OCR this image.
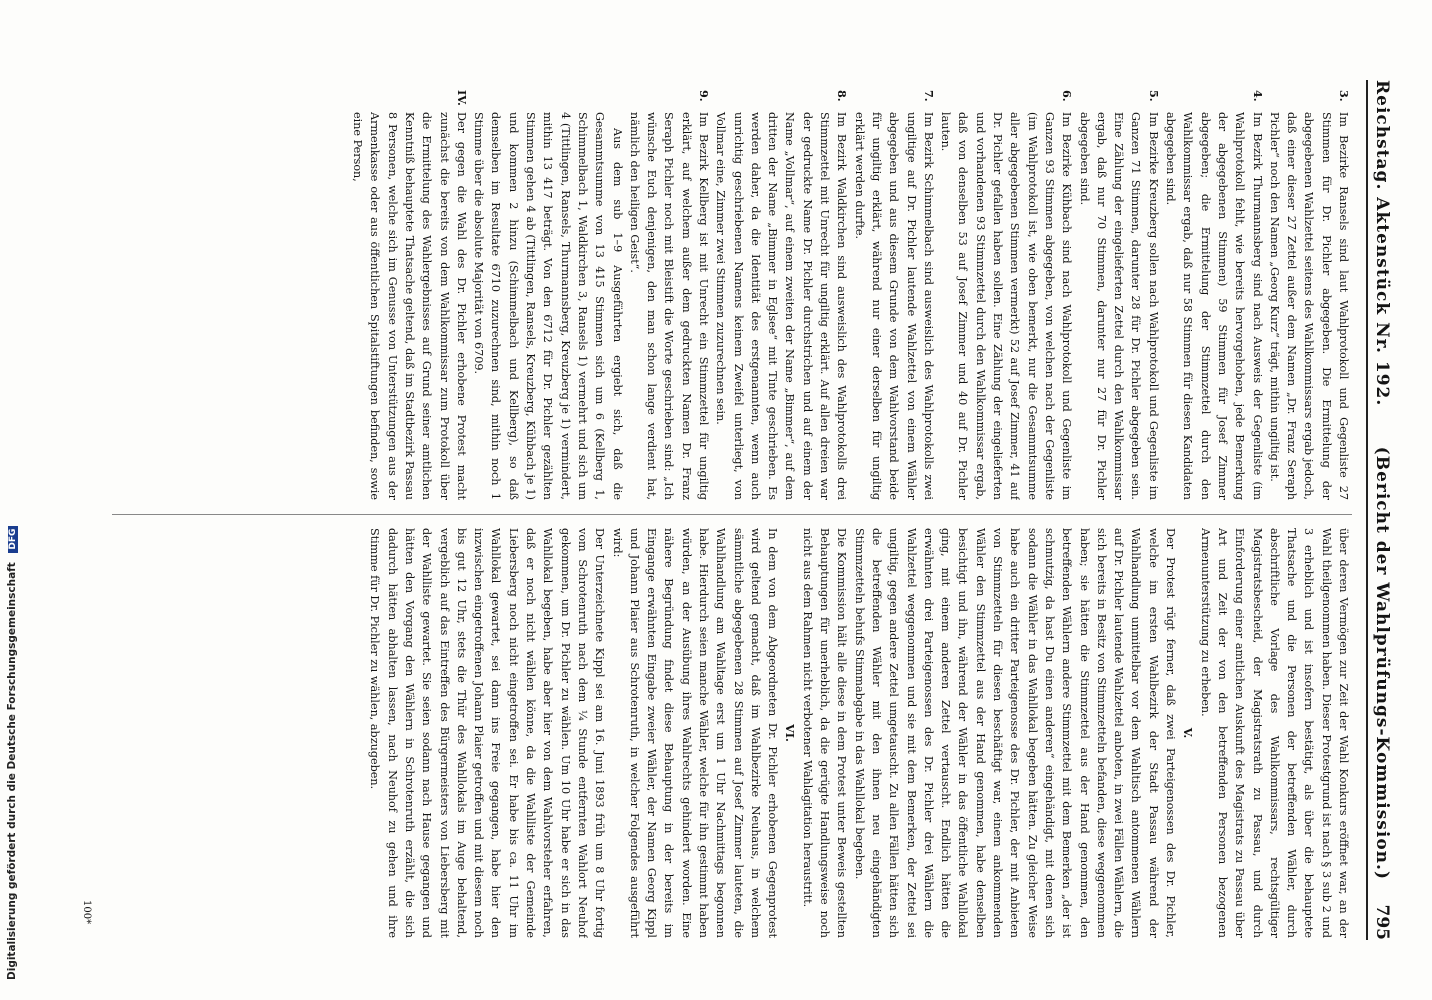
Reichstag. Aktenstück Nr. 192.
(Bericht der Wahlprüfungs-Kommission.)
795

3.
Im Bezirke Ransels sind laut Wahlprotokoll und Gegenliste 27 Stimmen für Dr. Pichler abgegeben. Die Ermittelung der abgegebenen Wahlzettel seitens des Wahlkommissars ergab jedoch, daß einer dieser 27 Zettel außer dem Namen „Dr. Franz Seraph Pichler“ noch den Namen „Georg Kurz“ trägt, mithin ungiltig ist.

4.
Im Bezirk Thurmannsberg sind nach Ausweis der Gegenliste (im Wahlprotokoll fehlt, wie bereits hervorgehoben, jede Bemerkung der abgegebenen Stimmen) 59 Stimmen für Josef Zimmer abgegeben; die Ermittelung der Stimmzettel durch den Wahlkommissar ergab, daß nur 58 Stimmen für diesen Kandidaten abgegeben sind.

5.
Im Bezirke Kreuzberg sollen nach Wahlprotokoll und Gegenliste im Ganzen 71 Stimmen, darunter 28 für Dr. Pichler abgegeben sein. Eine Zählung der eingelieferten Zettel durch den Wahlkommissar ergab, daß nur 70 Stimmen, darunter nur 27 für Dr. Pichler abgegeben sind.

6.
Im Bezirke Kühbach sind nach Wahlprotokoll und Gegenliste im Ganzen 93 Stimmen abgegeben, von welchen nach der Gegenliste (im Wahlprotokoll ist, wie oben bemerkt, nur die Gesammtsumme aller abgegebenen Stimmen vermerkt) 52 auf Josef Zimmer, 41 auf Dr. Pichler gefallen haben sollen. Eine Zählung der eingelieferten und vorhandenen 93 Stimmzettel durch den Wahlkommissar ergab, daß von denselben 53 auf Josef Zimmer und 40 auf Dr. Pichler lauten.

7.
Im Bezirk Schimmelbach sind ausweislich des Wahlprotokolls zwei ungiltige auf Dr. Pichler lautende Wahlzettel von einem Wähler abgegeben und aus diesem Grunde von dem Wahlvorstand beide für ungiltig erklärt, während nur einer derselben für ungiltig erklärt werden durfte.

8.
Im Bezirk Waldkirchen sind ausweislich des Wahlprotokolls drei Stimmzettel mit Unrecht für ungiltig erklärt. Auf allen dreien war der gedruckte Name Dr. Pichler durchstrichen und auf einem der Name „Vollmar“, auf einem zweiten der Name „Bimmer“, auf dem dritten der Name „Bimmer in Eglsee“ mit Tinte geschrieben. Es werden daher, da die Identität des erstgenannten, wenn auch unrichtig geschriebenen Namens keinem Zweifel unterliegt, von Vollmar eine, Zimmer zwei Stimmen zuzurechnen sein.

9.
Im Bezirk Kellberg ist mit Unrecht ein Stimmzettel für ungiltig erklärt, auf welchem außer dem gedruckten Namen Dr. Franz Seraph Pichler noch mit Bleistift die Worte geschrieben sind: „Ich wünsche Euch denjenigen, den man schon lange verdient hat, nämlich den heiligen Geist“.

Aus dem sub 1–9 Ausgeführten ergiebt sich, daß die Gesammtsumme von 13 415 Stimmen sich um 6 (Kellberg 1, Schimmelbach 1, Waldkirchen 3, Ransels 1) vermehrt und sich um 4 (Tittlingen, Ransels, Thurmannsberg, Kreuzberg je 1) vermindert, mithin 13 417 beträgt. Von den 6712 für Dr. Pichler gezählten Stimmen gehen 4 ab (Tittlingen, Ransels, Kreuzberg, Kühbach je 1) und kommen 2 hinzu (Schimmelbach und Kellberg), so daß demselben im Resultate 6710 zuzurechnen sind, mithin noch 1 Stimme über die absolute Majorität von 6709.

IV.
Der gegen die Wahl des Dr. Pichler erhobene Protest macht zunächst die bereits von dem Wahlkommissar zum Protokoll über die Ermittelung des Wahlergebnisses auf Grund seiner amtlichen Kenntniß behauptete Thatsache geltend, daß im Stadtbezirk Passau 8 Personen, welche sich im Genusse von Unterstützungen aus der Armenkasse oder aus öffentlichen Spitalstiftungen befinden, sowie eine Person,

über deren Vermögen zur Zeit der Wahl Konkurs eröffnet war, an der Wahl theilgenommen haben. Dieser Protestgrund ist nach § 3 sub 2 und 3 erheblich und ist insofern bestätigt, als über die behauptete Thatsache und die Personen der betreffenden Wähler, durch abschriftliche Vorlage des Wahlkommissars, rechtsgültiger Magistratsbescheid, der Magistratsrath zu Passau, und durch Einforderung einer amtlichen Auskunft des Magistrats zu Passau über Art und Zeit der von den betreffenden Personen bezogenen Armenunterstützung zu erheben.

V.

Der Protest rügt ferner, daß zwei Parteigenossen des Dr. Pichler, welche im ersten Wahlbezirk der Stadt Passau während der Wahlhandlung unmittelbar vor dem Wahltisch antommenen Wählern auf Dr. Pichler lautende Wahlzettel anboten, in zwei Fällen Wählern, die sich bereits in Besitz von Stimmzetteln befanden, diese weggenommen haben; sie hätten die Stimmzettel aus der Hand genommen, den betreffenden Wählern andere Stimmzettel mit dem Bemerken „der ist schmutzig, da hast Du einen anderen“ eingehändigt, mit denen sich sodann die Wähler in das Wahllokal begeben hätten. Zu gleicher Weise habe auch ein dritter Parteigenosse des Dr. Pichler, der mit Anbieten von Stimmzetteln für diesen beschäftigt war, einem ankommenden Wähler den Stimmzettel aus der Hand genommen, habe denselben besichtigt und ihn, während der Wähler in das öffentliche Wahllokal ging, mit einem anderen Zettel vertauscht. Endlich hätten die erwähnten drei Parteigenossen des Dr. Pichler drei Wählern die Wahlzettel weggenommen und sie mit dem Bemerken, der Zettel sei ungiltig, gegen andere Zettel umgetauscht. Zu allen Fällen hätten sich die betreffenden Wähler mit den ihnen neu eingehändigten Stimmzetteln behufs Stimmabgabe in das Wahllokal begeben.

Die Kommission hält alle diese in dem Protest unter Beweis gestellten Behauptungen für unerheblich, da die gerügte Handlungsweise noch nicht aus dem Rahmen nicht verbotener Wahlagitation heraustritt.

VI.

In dem von dem Abgeordneten Dr. Pichler erhobenen Gegenprotest wird geltend gemacht, daß im Wahlbezirke Neuhaus, in welchem sämmtliche abgegebenen 28 Stimmen auf Josef Zimmer lauteten, die Wahlhandlung am Wahltage erst um 1 Uhr Nachmittags begonnen habe. Hierdurch seien manche Wähler, welche für ihn gestimmt haben würden, an der Ausübung ihres Wahlrechts gehindert worden. Eine nähere Begründung findet diese Behauptung in der bereits im Eingange erwähnten Eingabe zweier Wähler, der Namen Georg Kippl und Johann Plaier aus Schrotenruth, in welcher Folgendes ausgeführt wird:

Der Unterzeichnete Kippl sei am 16. Juni 1893 früh um 8 Uhr fortig vom Schrotenruth nach dem ¼ Stunde entfernten Wahlort Neuhof gekommen, um Dr. Pichler zu wählen. Um 10 Uhr habe er sich in das Wahllokal begeben, habe aber hier von dem Wahlvorsteher erfahren, daß er noch nicht wählen könne, da die Wahlliste der Gemeinde Liebersberg noch nicht eingetroffen sei. Er habe bis ca. 11 Uhr im Wahllokal gewartet, sei dann ins Freie gegangen, habe hier den inzwischen eingetroffenen Johann Plaier getroffen und mit diesem noch bis gut 12 Uhr, stets die Thür des Wahllokals im Auge behaltend, vergeblich auf das Eintreffen des Bürgermeisters von Liebersberg mit der Wahlliste gewartet. Sie seien sodann nach Hause gegangen und hätten den Vorgang den Wählern in Schrotenruth erzählt, die sich dadurch hätten abhalten lassen, nach Neuhof zu gehen und ihre Stimme für Dr. Pichler zu wählen, abzugeben.

100*
Digitalisierung gefördert durch die Deutsche Forschungsgemeinschaft DFG
